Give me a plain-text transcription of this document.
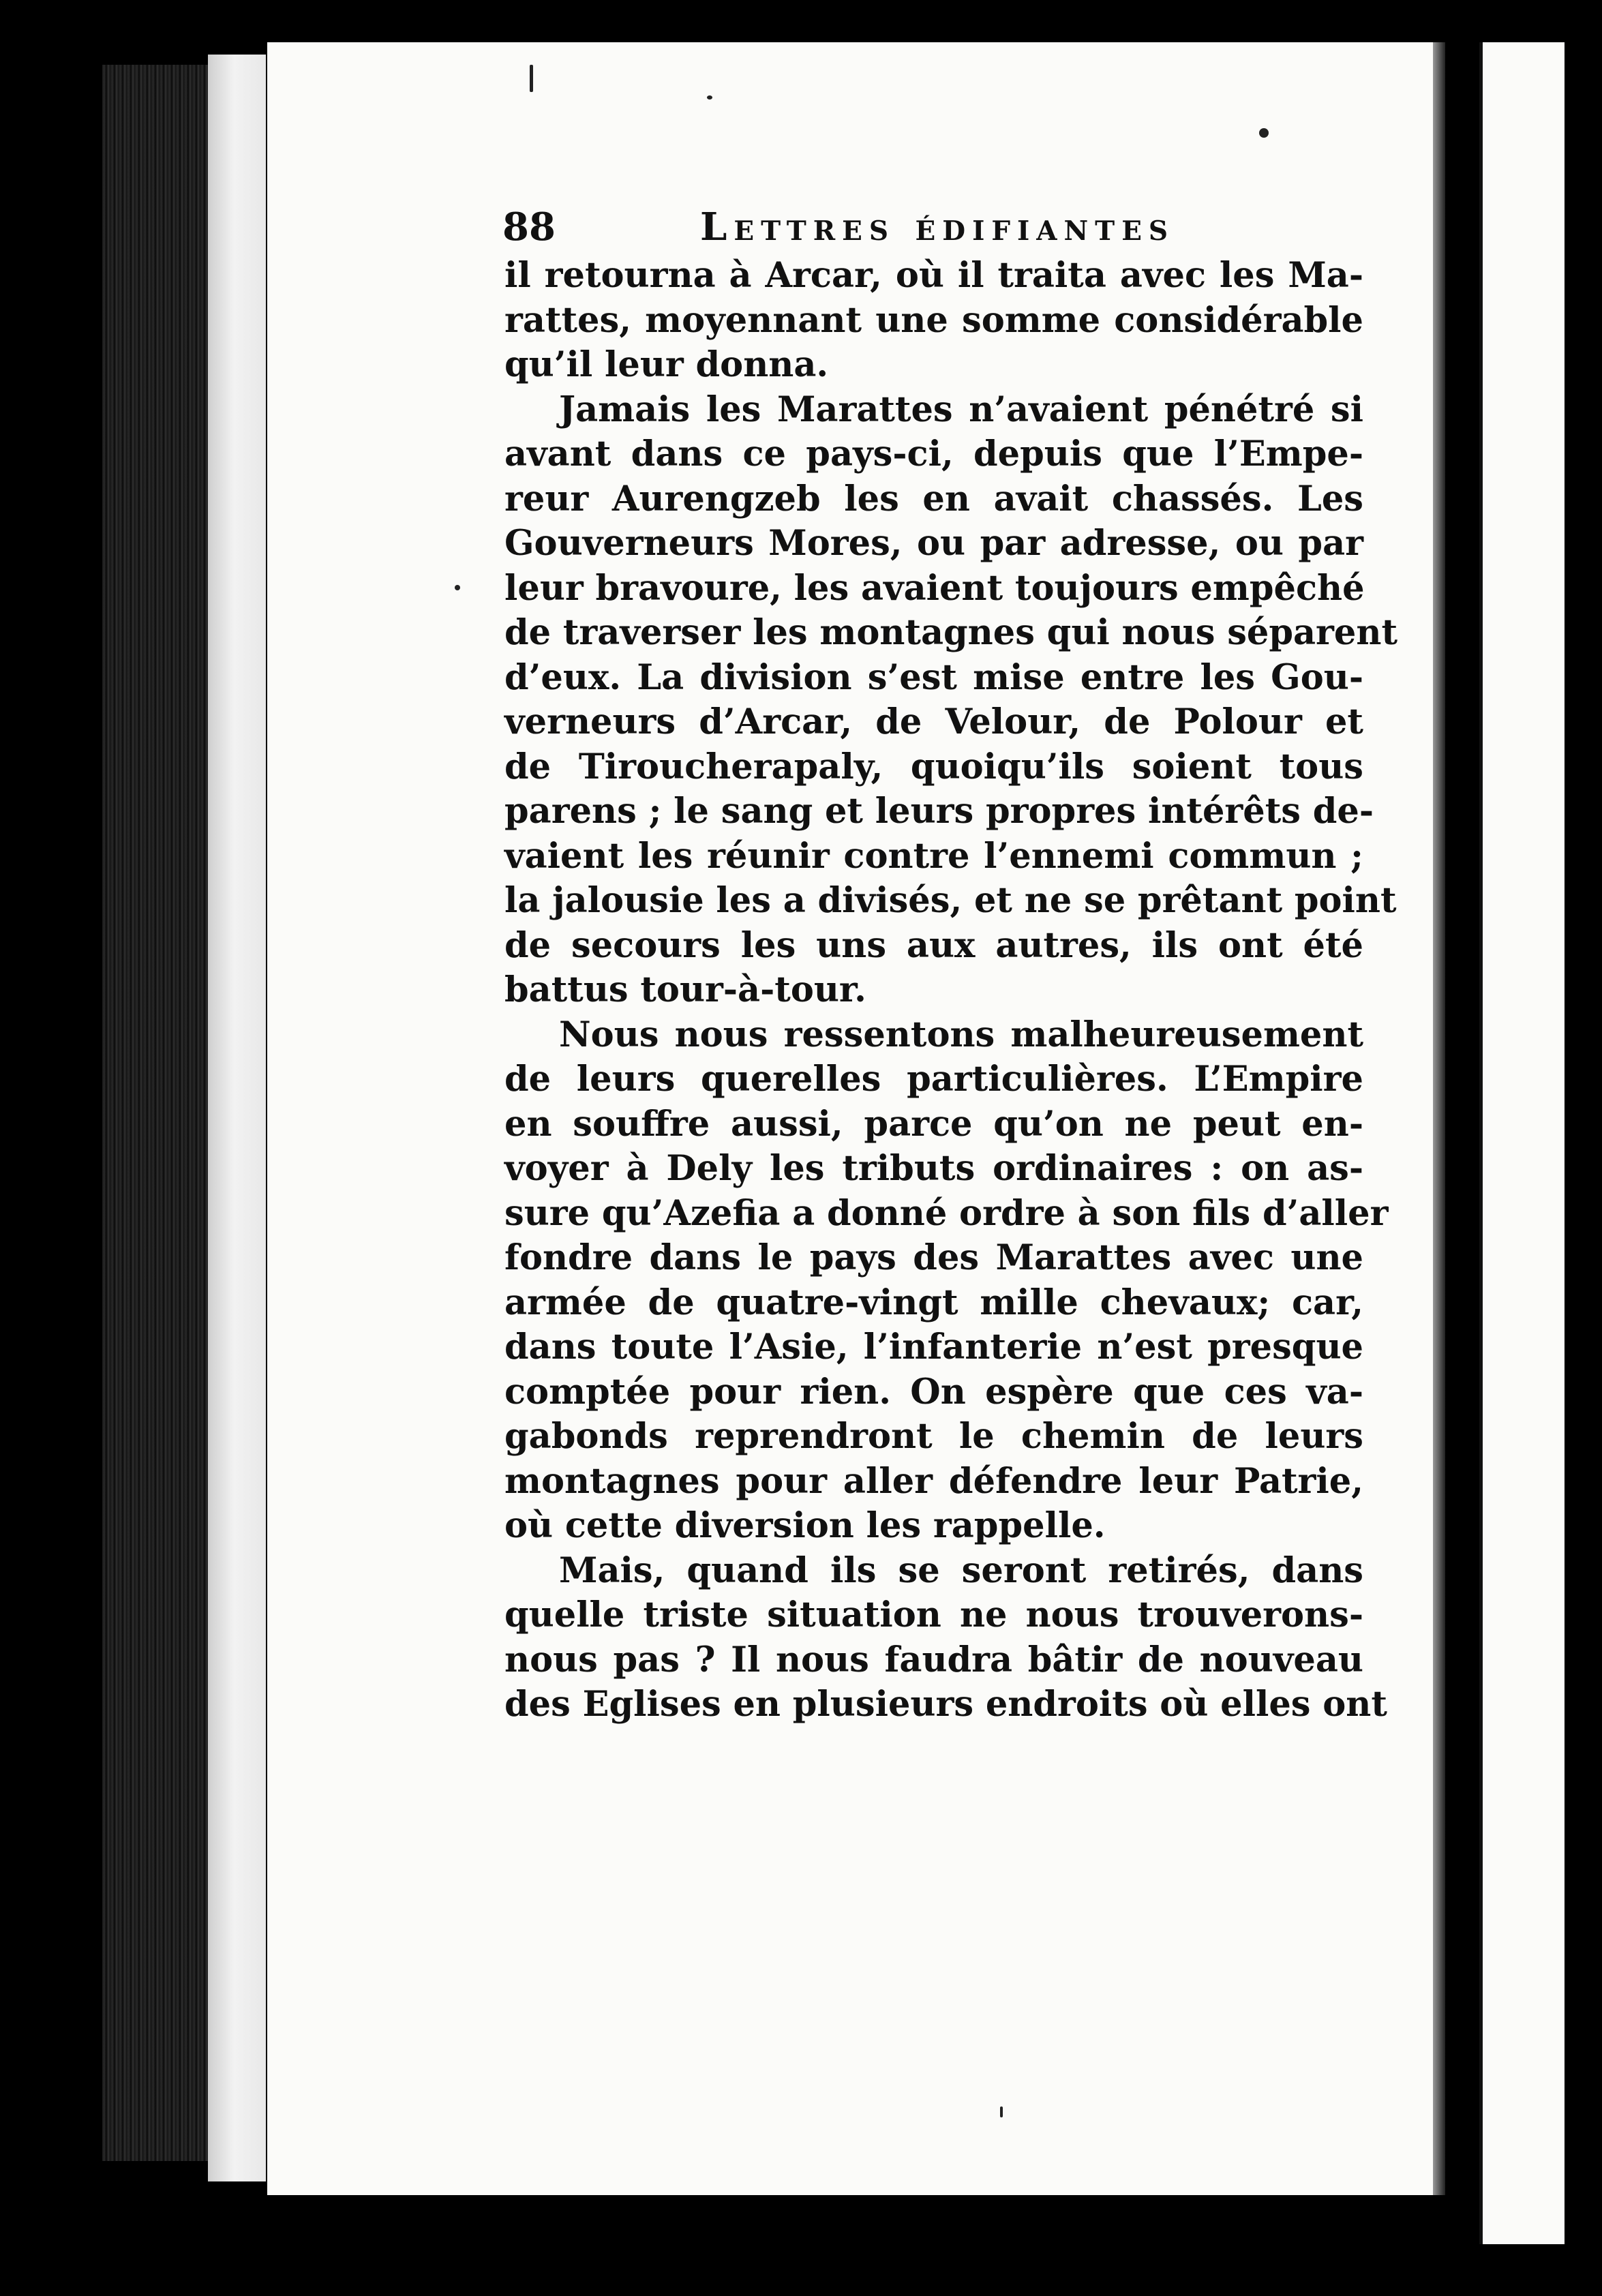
88	Lettres édifiantes
il retourna à Arcar, où il traita avec les Ma-
rattes, moyennant une somme considérable
qu’il leur donna.
Jamais les Marattes n’avaient pénétré si
avant dans ce pays-ci, depuis que l’Empe-
reur Aurengzeb les en avait chassés. Les
Gouverneurs Mores, ou par adresse, ou par
leur bravoure, les avaient toujours empêché
de traverser les montagnes qui nous séparent
d’eux. La division s’est mise entre les Gou-
verneurs d’Arcar, de Velour, de Polour et
de Tiroucherapaly, quoiqu’ils soient tous
parens ; le sang et leurs propres intérêts de-
vaient les réunir contre l’ennemi commun ;
la jalousie les a divisés, et ne se prêtant point
de secours les uns aux autres, ils ont été
battus tour-à-tour.
Nous nous ressentons malheureusement
de leurs querelles particulières. L’Empire
en souffre aussi, parce qu’on ne peut en-
voyer à Dely les tributs ordinaires : on as-
sure qu’Azefia a donné ordre à son fils d’aller
fondre dans le pays des Marattes avec une
armée de quatre-vingt mille chevaux; car,
dans toute l’Asie, l’infanterie n’est presque
comptée pour rien. On espère que ces va-
gabonds reprendront le chemin de leurs
montagnes pour aller défendre leur Patrie,
où cette diversion les rappelle.
Mais, quand ils se seront retirés, dans
quelle triste situation ne nous trouverons-
nous pas ? Il nous faudra bâtir de nouveau
des Eglises en plusieurs endroits où elles ont
